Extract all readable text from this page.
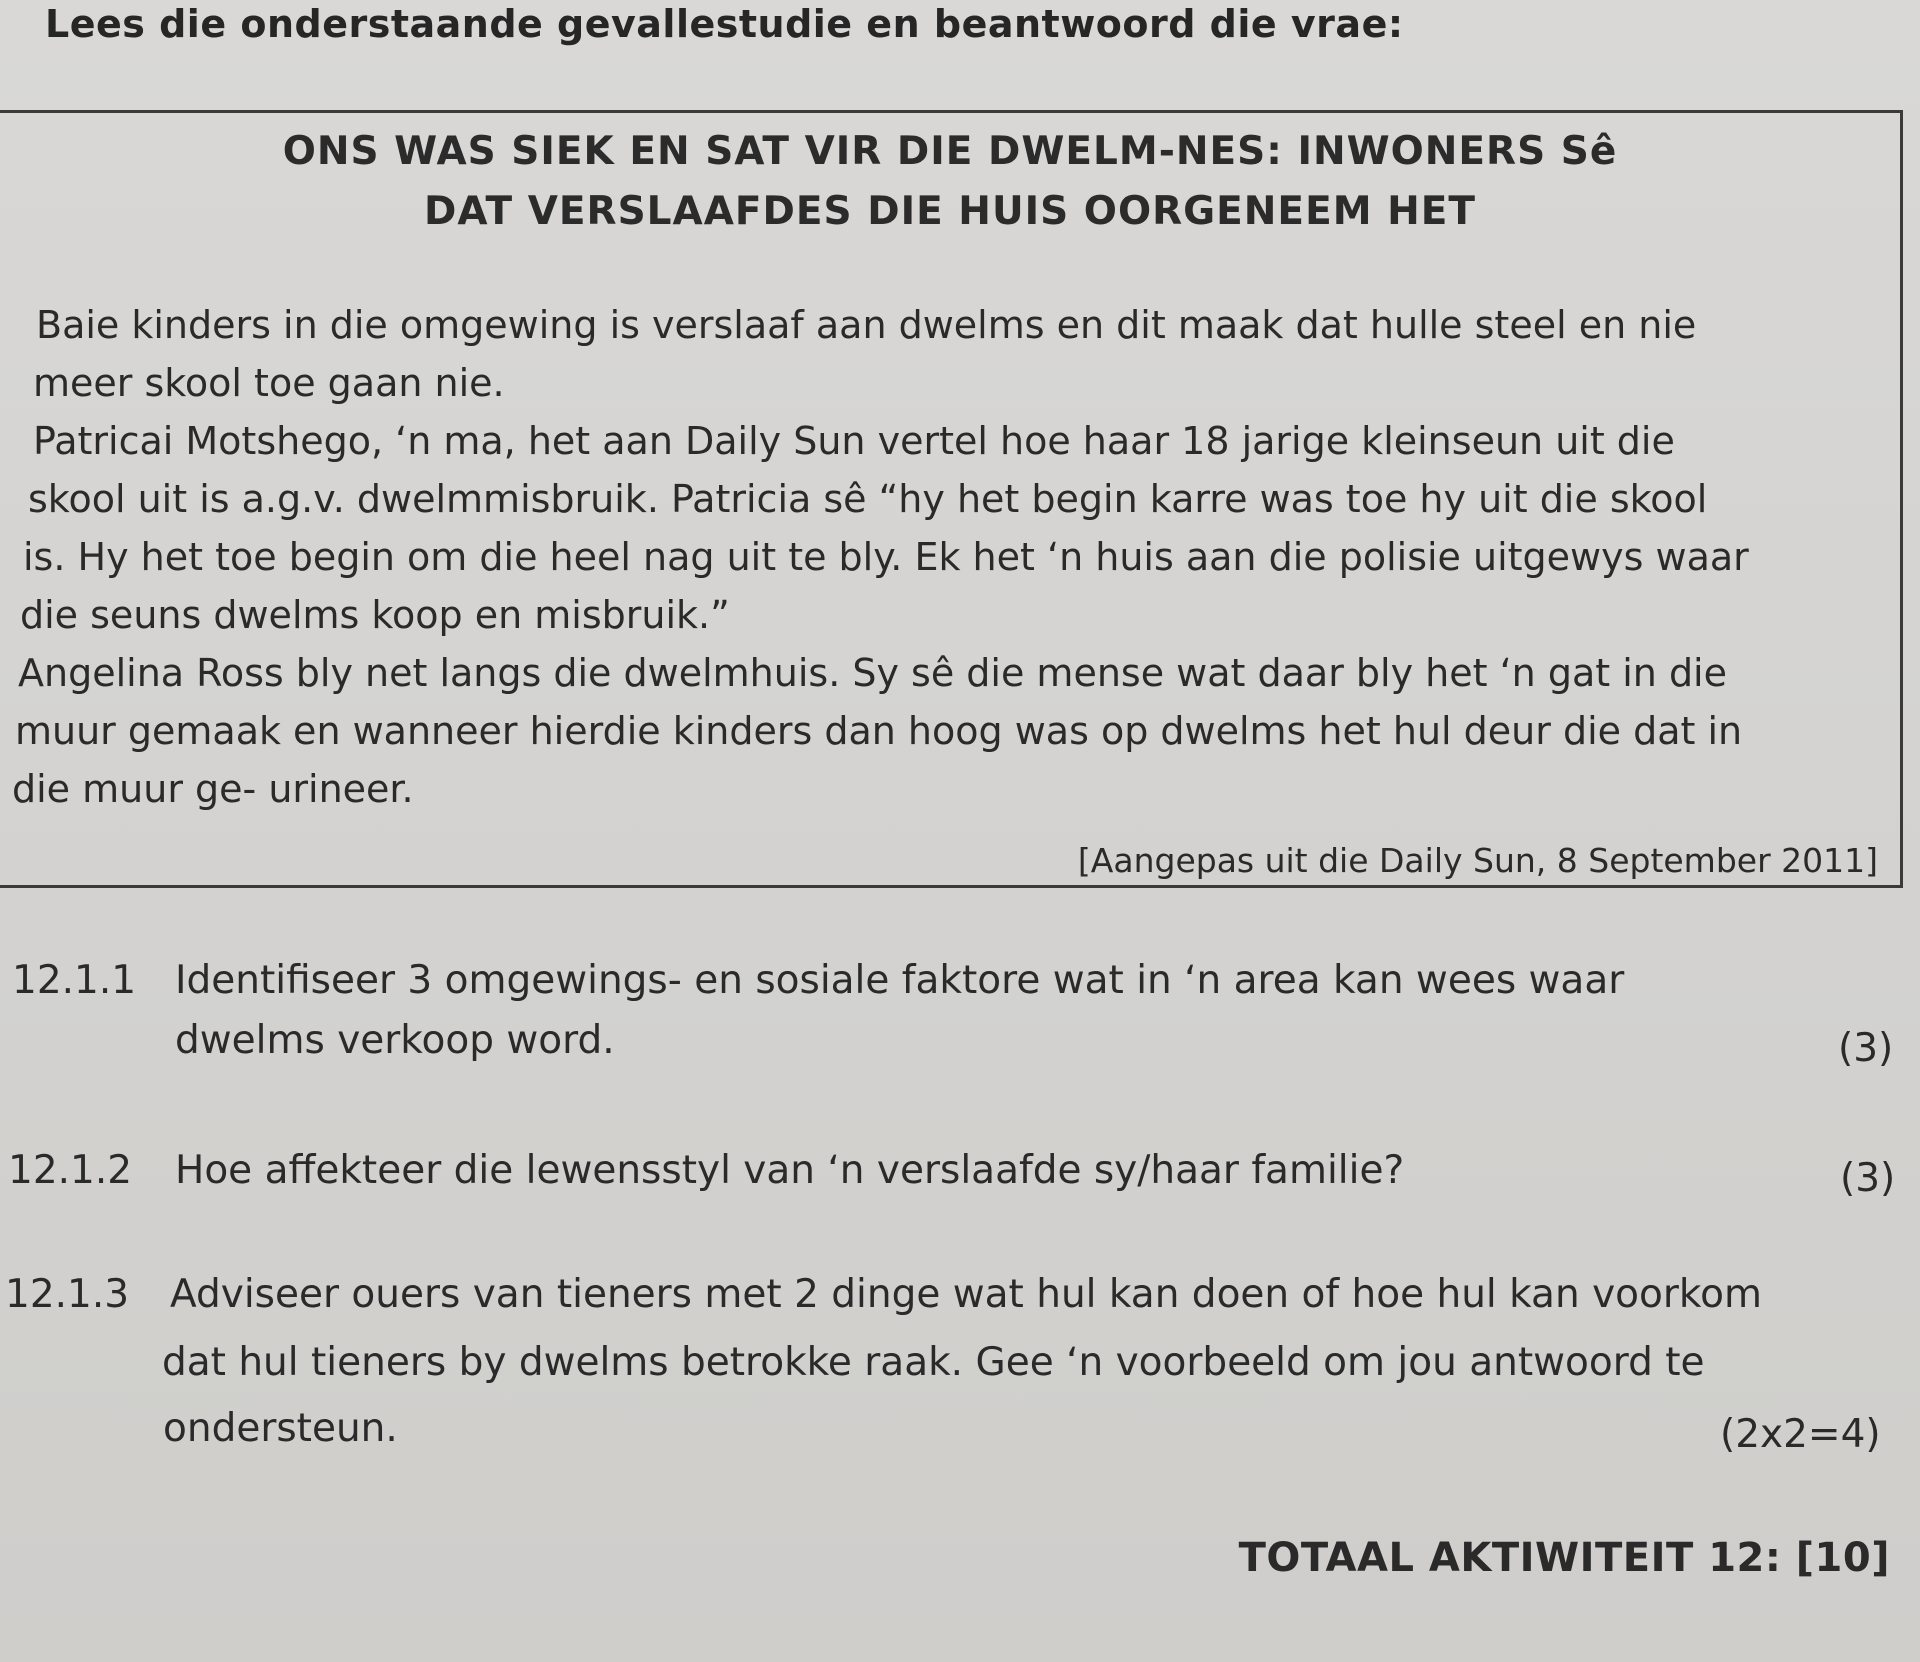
Lees die onderstaande gevallestudie en beantwoord die vrae:
ONS WAS SIEK EN SAT VIR DIE DWELM-NES: INWONERS Sê
DAT VERSLAAFDES DIE HUIS OORGENEEM HET
Baie kinders in die omgewing is verslaaf aan dwelms en dit maak dat hulle steel en nie
meer skool toe gaan nie.
Patricai Motshego, ‘n ma, het aan Daily Sun vertel hoe haar 18 jarige kleinseun uit die
skool uit is a.g.v. dwelmmisbruik. Patricia sê “hy het begin karre was toe hy uit die skool
is. Hy het toe begin om die heel nag uit te bly. Ek het ‘n huis aan die polisie uitgewys waar
die seuns dwelms koop en misbruik.”
Angelina Ross bly net langs die dwelmhuis. Sy sê die mense wat daar bly het ‘n gat in die
muur gemaak en wanneer hierdie kinders dan hoog was op dwelms het hul deur die dat in
die muur ge- urineer.
[Aangepas uit die Daily Sun, 8 September 2011]
12.1.1 Identifiseer 3 omgewings- en sosiale faktore wat in ‘n area kan wees waar
dwelms verkoop word.	(3)
12.1.2 Hoe affekteer die lewensstyl van ‘n verslaafde sy/haar familie?	(3)
12.1.3 Adviseer ouers van tieners met 2 dinge wat hul kan doen of hoe hul kan voorkom
dat hul tieners by dwelms betrokke raak. Gee ‘n voorbeeld om jou antwoord te
ondersteun.	(2x2=4)
TOTAAL AKTIWITEIT 12: [10]
